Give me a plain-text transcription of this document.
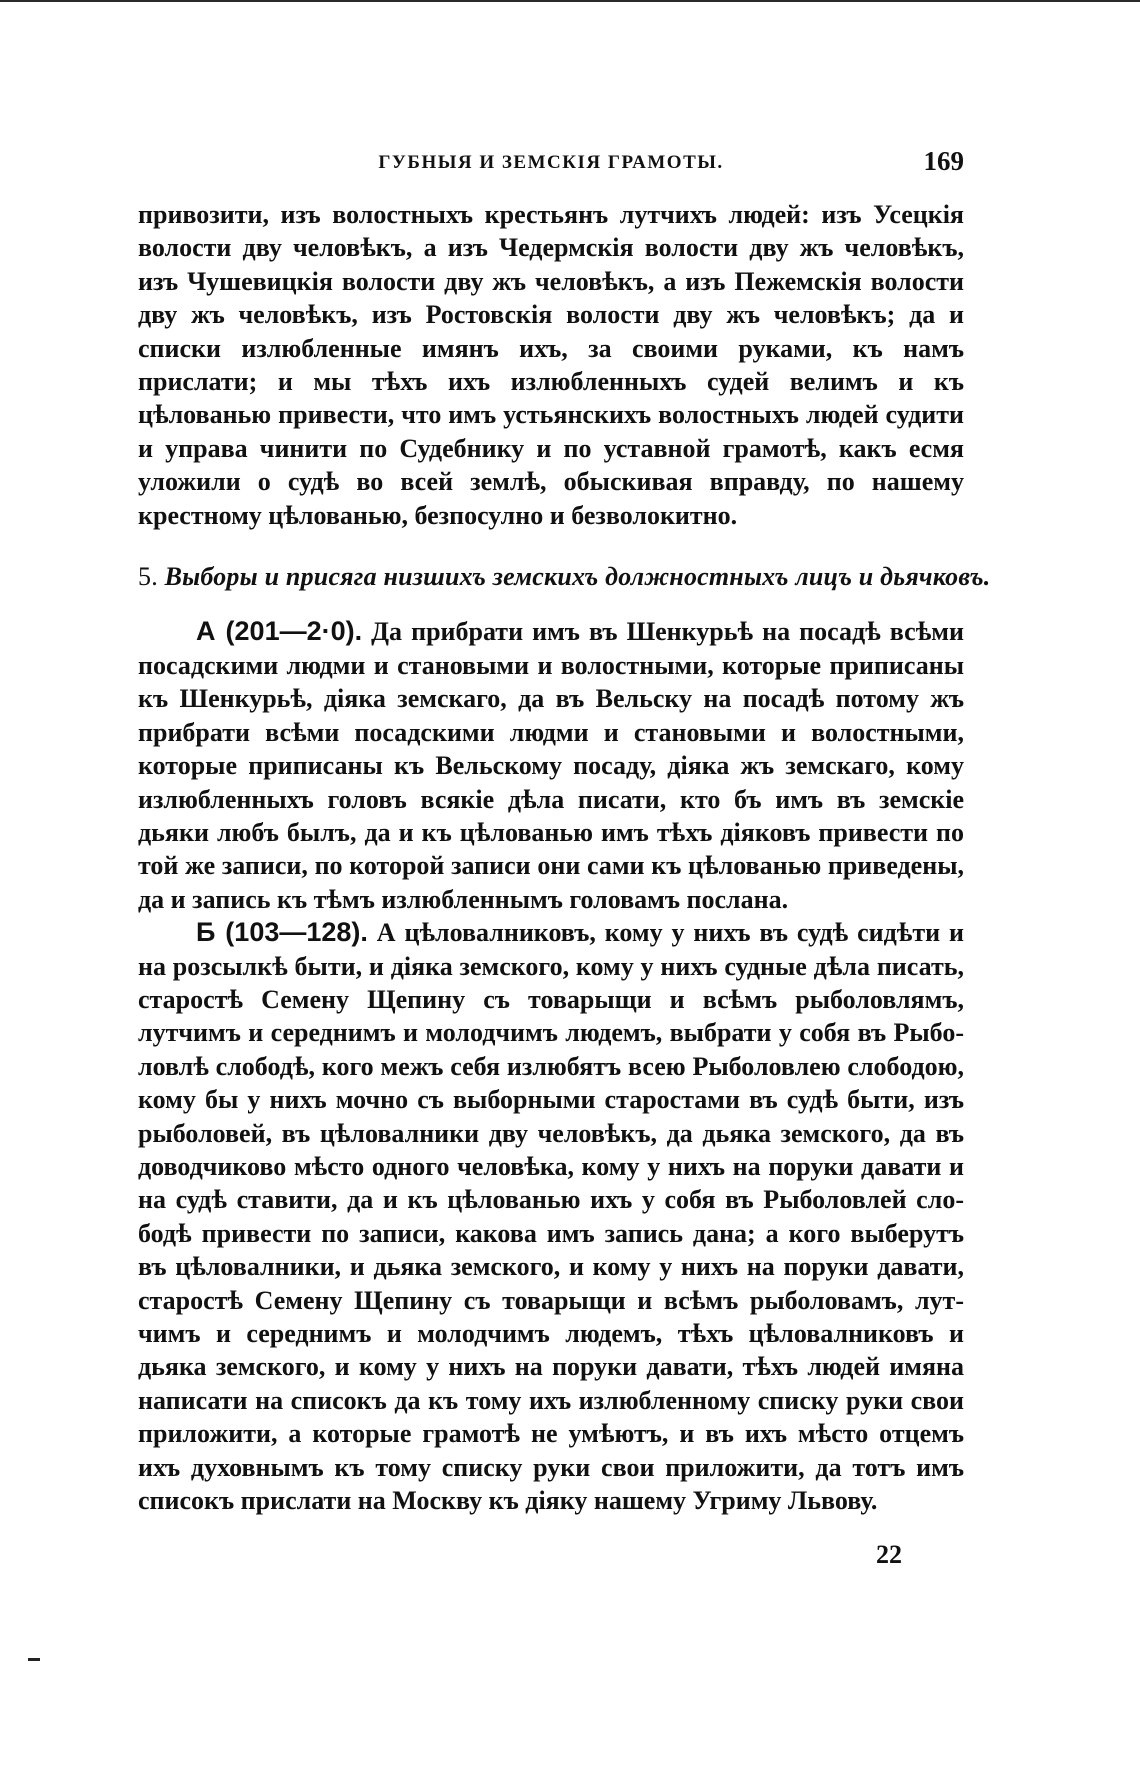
ГУБНЫЯ И ЗЕМСКІЯ ГРАМОТЫ.	169

привозити, изъ волостныхъ крестьянъ лутчихъ людей: изъ Усецкія волости дву человѣкъ, а изъ Чедермскія волости дву жъ человѣкъ, изъ Чушевицкія волости дву жъ человѣкъ, а изъ Пежемскія волости дву жъ человѣкъ, изъ Ростовскія волости дву жъ человѣкъ; да и списки излюбленные имянъ ихъ, за своими руками, къ намъ прислати; и мы тѣхъ ихъ излюбленныхъ судей велимъ и къ цѣлованью привести, что имъ устьянскихъ волостныхъ людей судити и управа чинити по Судебнику и по уставной грамотѣ, какъ есмя уложили о судѣ во всей землѣ, обыскивая вправду, по нашему крестному цѣлованью, безпосулно и безволокитно.

5. Выборы и присяга низшихъ земскихъ должностныхъ лицъ и дьячковъ.

А (201—2·0). Да прибрати имъ въ Шенкурьѣ на посадѣ всѣми посадскими людми и становыми и волостными, которые приписаны къ Шенкурьѣ, діяка земскаго, да въ Вельску на посадѣ потому жъ прибрати всѣми посадскими людми и становыми и волостными, которые приписаны къ Вельскому посаду, діяка жъ земскаго, кому излюбленныхъ головъ всякіе дѣла писати, кто бъ имъ въ земскіе дьяки любъ былъ, да и къ цѣлованью имъ тѣхъ діяковъ привести по той же записи, по которой записи они сами къ цѣлованью приведены, да и запись къ тѣмъ излюбленнымъ головамъ послана.

Б (103—128). А цѣловалниковъ, кому у нихъ въ судѣ сидѣти и на розсылкѣ быти, и діяка земского, кому у нихъ судные дѣла писать, старостѣ Семену Щепину съ товарыщи и всѣмъ рыболовлямъ, лутчимъ и середнимъ и молодчимъ людемъ, выбрати у собя въ Рыболовлѣ слободѣ, кого межъ себя излюбятъ всею Рыболовлею слободою, кому бы у нихъ мочно съ выборными старостами въ судѣ быти, изъ рыболовей, въ цѣловалники дву человѣкъ, да дьяка земского, да въ доводчиково мѣсто одного человѣка, кому у нихъ на поруки давати и на судѣ ставити, да и къ цѣлованью ихъ у собя въ Рыболовлей слободѣ привести по записи, какова имъ запись дана; а кого выберутъ въ цѣловалники, и дьяка земского, и кому у нихъ на поруки давати, старостѣ Семену Щепину съ товарыщи и всѣмъ рыболовамъ, лутчимъ и середнимъ и молодчимъ людемъ, тѣхъ цѣловалниковъ и дьяка земского, и кому у нихъ на поруки давати, тѣхъ людей имяна написати на списокъ да къ тому ихъ излюбленному списку руки свои приложити, а которые грамотѣ не умѣютъ, и въ ихъ мѣсто отцемъ ихъ духовнымъ къ тому списку руки свои приложити, да тотъ имъ списокъ прислати на Москву къ діяку нашему Угриму Львову.

22
